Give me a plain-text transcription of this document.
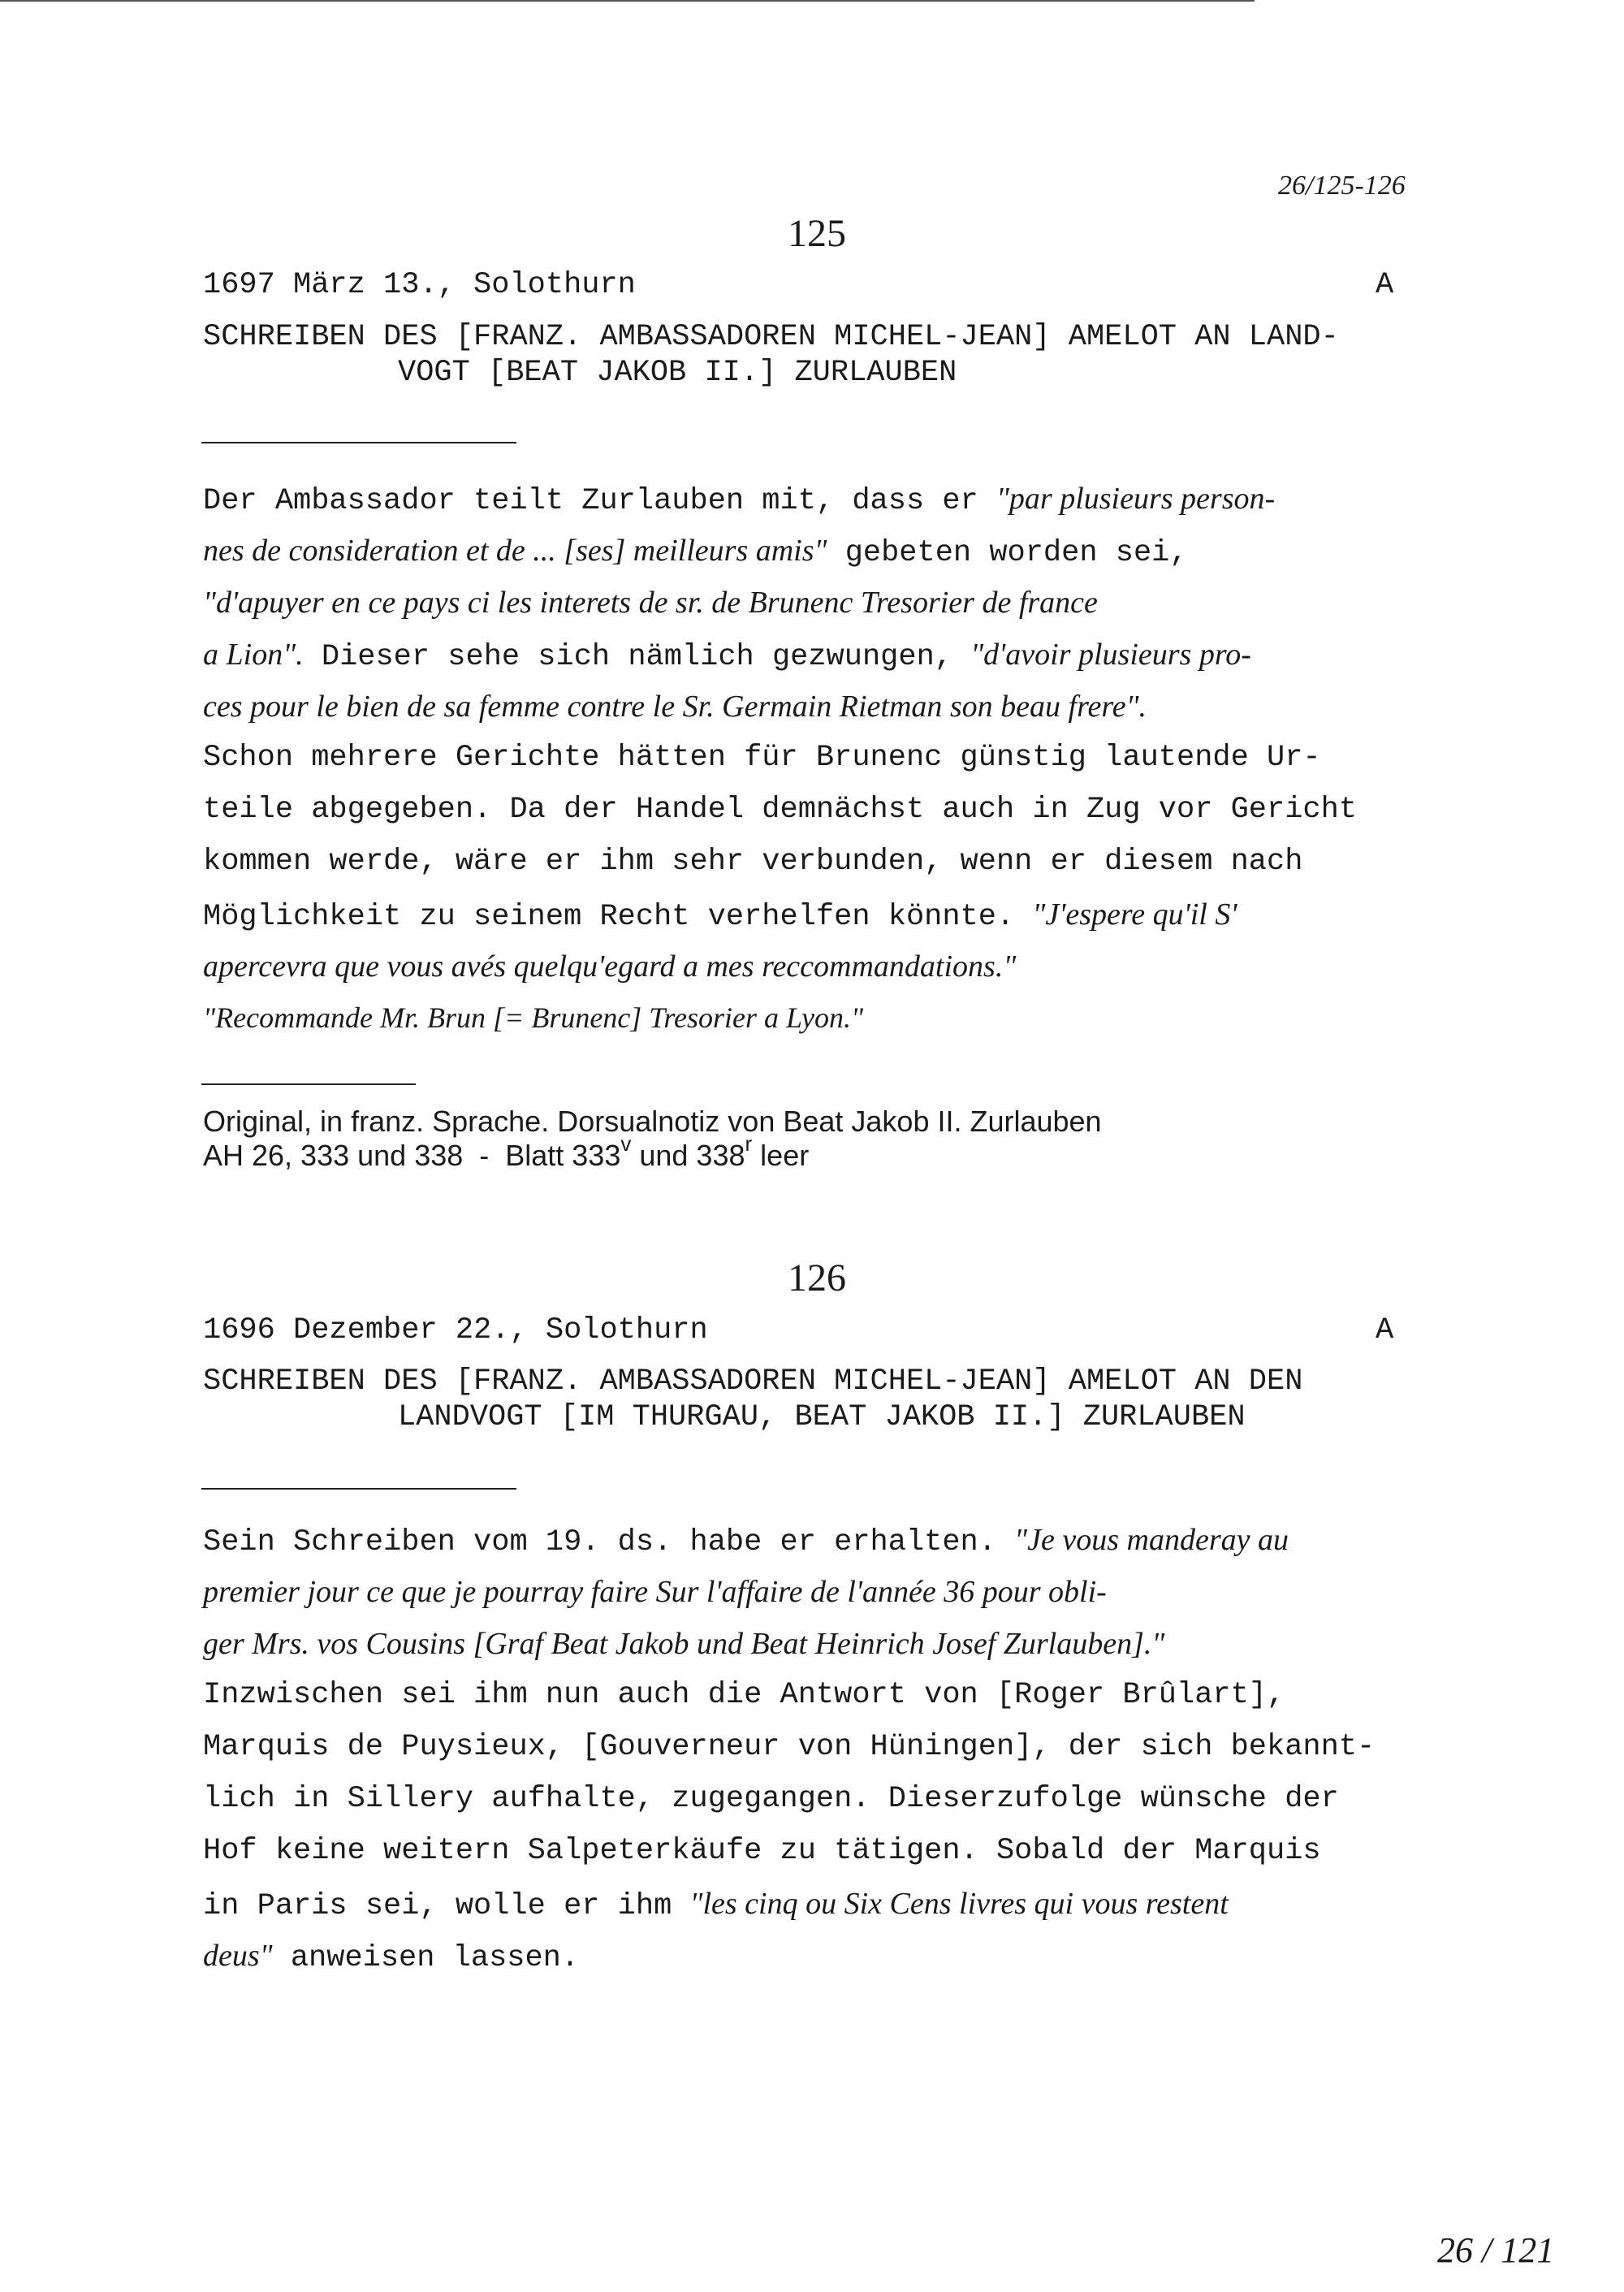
26/125-126
125
1697 März 13., Solothurn	A
SCHREIBEN DES [FRANZ. AMBASSADOREN MICHEL-JEAN] AMELOT AN LAND-
VOGT [BEAT JAKOB II.] ZURLAUBEN
Der Ambassador teilt Zurlauben mit, dass er "par plusieurs person-
nes de consideration et de ... [ses] meilleurs amis" gebeten worden sei,
"d'apuyer en ce pays ci les interets de sr. de Brunenc Tresorier de france
a Lion". Dieser sehe sich nämlich gezwungen, "d'avoir plusieurs pro-
ces pour le bien de sa femme contre le Sr. Germain Rietman son beau frere".
Schon mehrere Gerichte hätten für Brunenc günstig lautende Ur-
teile abgegeben. Da der Handel demnächst auch in Zug vor Gericht
kommen werde, wäre er ihm sehr verbunden, wenn er diesem nach
Möglichkeit zu seinem Recht verhelfen könnte. "J'espere qu'il S'
apercevra que vous avés quelqu'egard a mes reccommandations."
"Recommande Mr. Brun [= Brunenc] Tresorier a Lyon."
Original, in franz. Sprache. Dorsualnotiz von Beat Jakob II. Zurlauben
AH 26, 333 und 338  -  Blatt 333$^v$ und 338$^r$ leer
126
1696 Dezember 22., Solothurn	A
SCHREIBEN DES [FRANZ. AMBASSADOREN MICHEL-JEAN] AMELOT AN DEN
LANDVOGT [IM THURGAU, BEAT JAKOB II.] ZURLAUBEN
Sein Schreiben vom 19. ds. habe er erhalten. "Je vous manderay au
premier jour ce que je pourray faire Sur l'affaire de l'année 36 pour obli-
ger Mrs. vos Cousins [Graf Beat Jakob und Beat Heinrich Josef Zurlauben]."
Inzwischen sei ihm nun auch die Antwort von [Roger Brûlart],
Marquis de Puysieux, [Gouverneur von Hüningen], der sich bekannt-
lich in Sillery aufhalte, zugegangen. Dieserzufolge wünsche der
Hof keine weitern Salpeterkäufe zu tätigen. Sobald der Marquis
in Paris sei, wolle er ihm "les cinq ou Six Cens livres qui vous restent
deus" anweisen lassen.
26 / 121
